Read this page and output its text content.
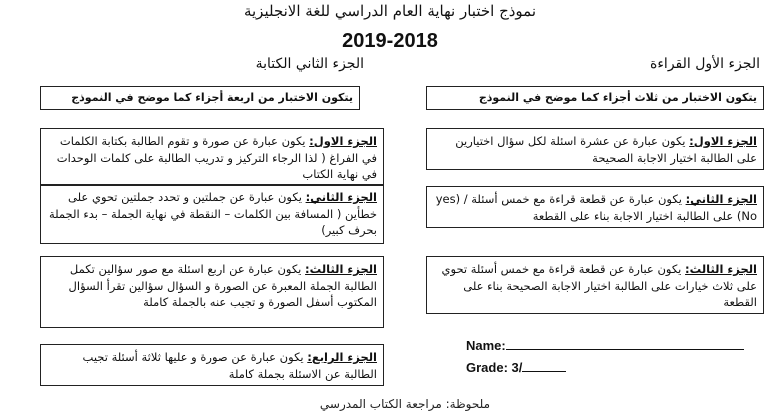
نموذج اختبار نهاية العام الدراسي للغة الانجليزية
2019-2018
الجزء الأول القراءة
يتكون الاختبار من ثلاث أجزاء كما موضح في النموذج
الجزء الاول: يكون عبارة عن عشرة اسئلة لكل سؤال اختيارين على الطالبة اختيار الاجابة الصحيحة
الجزء الثاني: يكون عبارة عن قطعة قراءة مع خمس أسئلة / yes) (No على الطالبة اختيار الاجابة بناء على القطعة
الجزء الثالث: يكون عبارة عن قطعة قراءة مع خمس أسئلة تحوي على ثلاث خيارات على الطالبة اختيار الاجابة الصحيحة بناء على القطعة
الجزء الثاني الكتابة
يتكون الاختبار من اربعة أجزاء كما موضح في النموذج
الجزء الاول: يكون عبارة عن صورة و تقوم الطالبة بكتابة الكلمات في الفراغ ( لذا الرجاء التركيز و تدريب الطالبة على كلمات الوحدات في نهاية الكتاب
الجزء الثاني: يكون عبارة عن جملتين و تحدد جملتين تحوي على خطأين ( المسافة بين الكلمات – النقطة في نهاية الجملة – بدء الجملة بحرف كبير)
الجزء الثالث: يكون عبارة عن اربع اسئلة مع صور سؤالين تكمل الطالبة الجملة المعبرة عن الصورة و السؤال سؤالين تقرأ السؤال المكتوب أسفل الصورة و تجيب عنه بالجملة كاملة
الجزء الرابع: يكون عبارة عن صورة و عليها ثلاثة أسئلة تجيب الطالبة عن الاسئلة بجملة كاملة
Name:
Grade: 3/
ملحوظة: مراجعة الكتاب المدرسي
